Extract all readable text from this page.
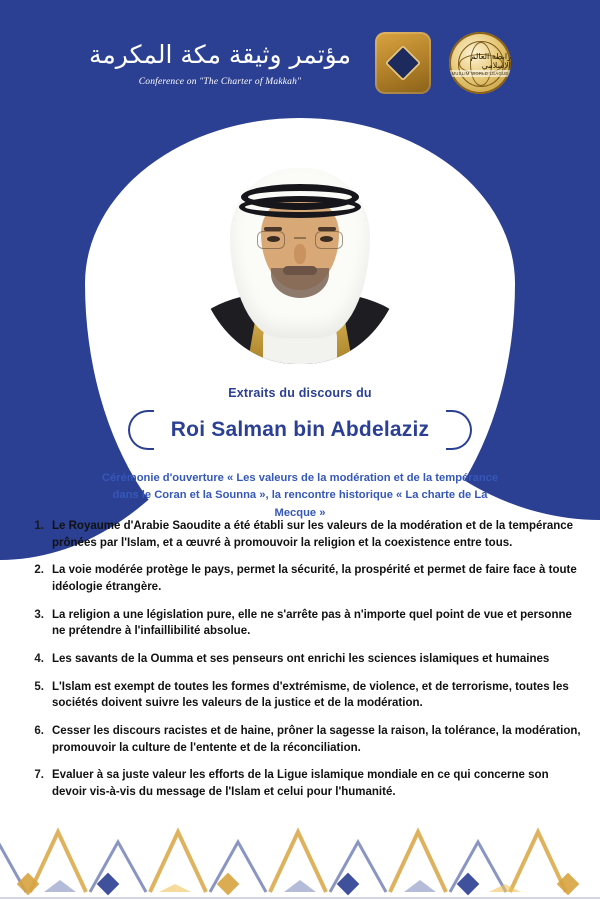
مؤتمر وثيقة مكة المكرمة
Conference on "The Charter of Makkah"
رابطة العالم الإسلامي
MUSLIM WORLD LEAGUE
Extraits du discours du
Roi Salman bin Abdelaziz
Cérémonie d'ouverture « Les valeurs de la modération et de la tempérance dans le Coran et la Sounna », la rencontre historique « La charte de La Mecque »
1. Le Royaume d'Arabie Saoudite a été établi sur les valeurs de la modération et de la tempérance prônées par l'Islam, et a œuvré à promouvoir la religion et la coexistence entre tous.
2. La voie modérée protège le pays, permet la sécurité, la prospérité et permet de faire face à toute idéologie étrangère.
3. La religion a une législation pure, elle ne s'arrête pas à n'importe quel point de vue et personne ne prétendre à l'infaillibilité absolue.
4. Les savants de la Oumma et ses penseurs ont enrichi les sciences islamiques et humaines
5. L'Islam est exempt de toutes les formes d'extrémisme, de violence, et de terrorisme, toutes les sociétés doivent suivre les valeurs de la justice et de la modération.
6. Cesser les discours racistes et de haine, prôner la sagesse la raison, la tolérance, la modération, promouvoir la culture de l'entente et de la réconciliation.
7. Evaluer à sa juste valeur les efforts de la Ligue islamique mondiale en ce qui concerne son devoir vis-à-vis du message de l'Islam et celui pour l'humanité.
